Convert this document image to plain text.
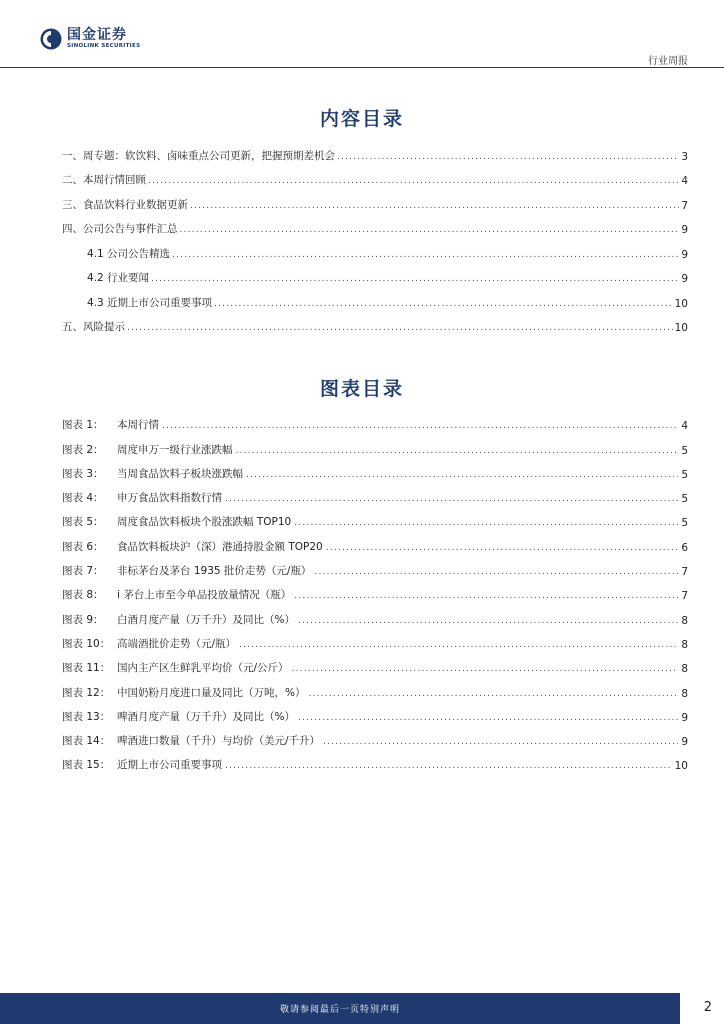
国金证券
SINOLINK SECURITIES
行业周报
内容目录
一、周专题：软饮料、卤味重点公司更新，把握预期差机会 .....	3
二、本周行情回顾 .....	4
三、食品饮料行业数据更新 .....	7
四、公司公告与事件汇总 .....	9
4.1 公司公告精选 .....	9
4.2 行业要闻 .....	9
4.3 近期上市公司重要事项 .....	10
五、风险提示 .....	10
图表目录
图表 1：	本周行情 .....	4
图表 2：	周度申万一级行业涨跌幅 .....	5
图表 3：	当周食品饮料子板块涨跌幅 .....	5
图表 4：	申万食品饮料指数行情 .....	5
图表 5：	周度食品饮料板块个股涨跌幅 TOP10 .....	5
图表 6：	食品饮料板块沪（深）港通持股金额 TOP20 .....	6
图表 7：	非标茅台及茅台 1935 批价走势（元/瓶） .....	7
图表 8：	i 茅台上市至今单品投放量情况（瓶） .....	7
图表 9：	白酒月度产量（万千升）及同比（%） .....	8
图表 10： 高端酒批价走势（元/瓶） .....	8
图表 11： 国内主产区生鲜乳平均价（元/公斤） .....	8
图表 12： 中国奶粉月度进口量及同比（万吨，%） .....	8
图表 13： 啤酒月度产量（万千升）及同比（%） .....	9
图表 14： 啤酒进口数量（千升）与均价（美元/千升） .....	9
图表 15： 近期上市公司重要事项 .....	10
敬请参阅最后一页特别声明	2
